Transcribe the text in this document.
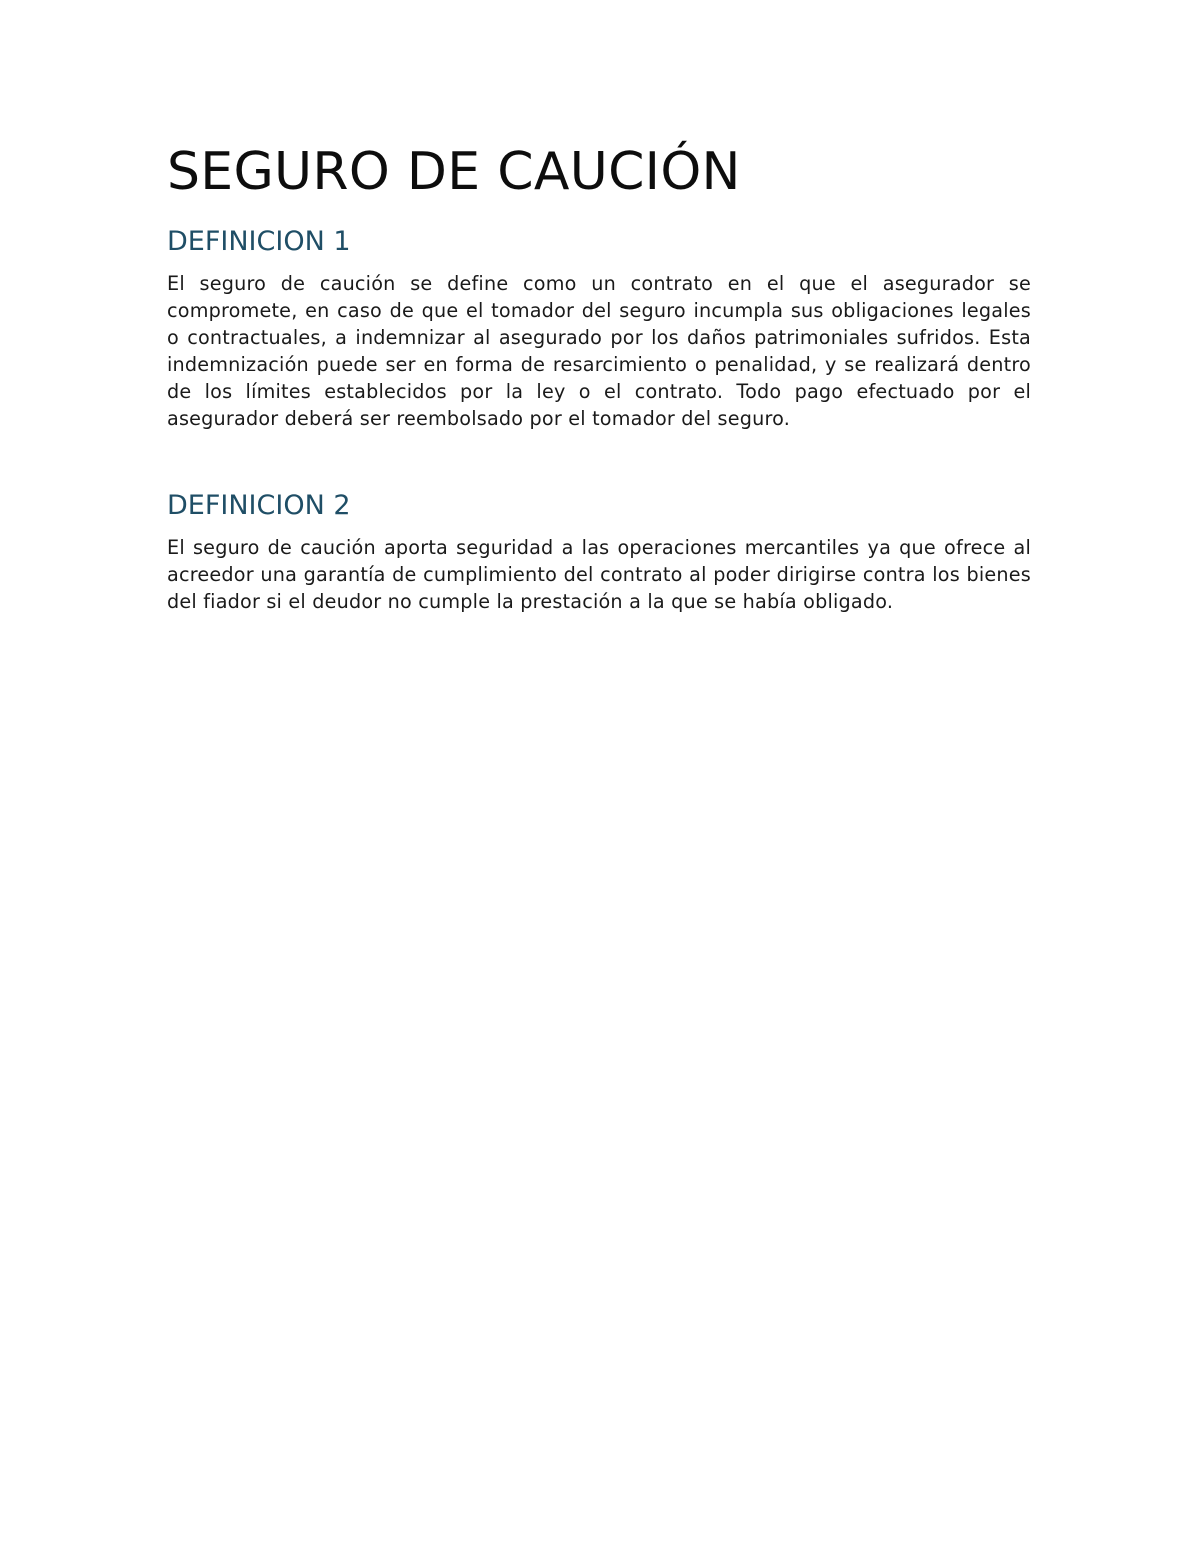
SEGURO DE CAUCIÓN
DEFINICION 1

El seguro de caución se define como un contrato en el que el asegurador se compromete, en caso de que el tomador del seguro incumpla sus obligaciones legales o contractuales, a indemnizar al asegurado por los daños patrimoniales sufridos. Esta indemnización puede ser en forma de resarcimiento o penalidad, y se realizará dentro de los límites establecidos por la ley o el contrato. Todo pago efectuado por el asegurador deberá ser reembolsado por el tomador del seguro.

DEFINICION 2

El seguro de caución aporta seguridad a las operaciones mercantiles ya que ofrece al acreedor una garantía de cumplimiento del contrato al poder dirigirse contra los bienes del fiador si el deudor no cumple la prestación a la que se había obligado.
